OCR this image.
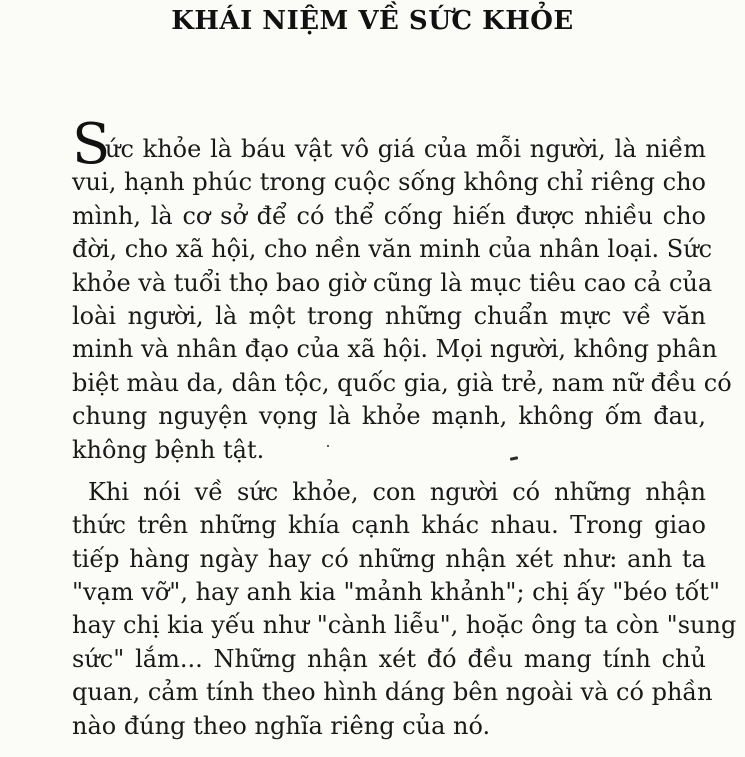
KHÁI NIỆM VỀ SỨC KHỎE
S
ức khỏe là báu vật vô giá của mỗi người, là niềm
vui, hạnh phúc trong cuộc sống không chỉ riêng cho
mình, là cơ sở để có thể cống hiến được nhiều cho
đời, cho xã hội, cho nền văn minh của nhân loại. Sức
khỏe và tuổi thọ bao giờ cũng là mục tiêu cao cả của
loài người, là một trong những chuẩn mực về văn
minh và nhân đạo của xã hội. Mọi người, không phân
biệt màu da, dân tộc, quốc gia, già trẻ, nam nữ đều có
chung nguyện vọng là khỏe mạnh, không ốm đau,
không bệnh tật.
Khi nói về sức khỏe, con người có những nhận
thức trên những khía cạnh khác nhau. Trong giao
tiếp hàng ngày hay có những nhận xét như: anh ta
"vạm vỡ", hay anh kia "mảnh khảnh"; chị ấy "béo tốt"
hay chị kia yếu như "cành liễu", hoặc ông ta còn "sung
sức" lắm... Những nhận xét đó đều mang tính chủ
quan, cảm tính theo hình dáng bên ngoài và có phần
nào đúng theo nghĩa riêng của nó.
